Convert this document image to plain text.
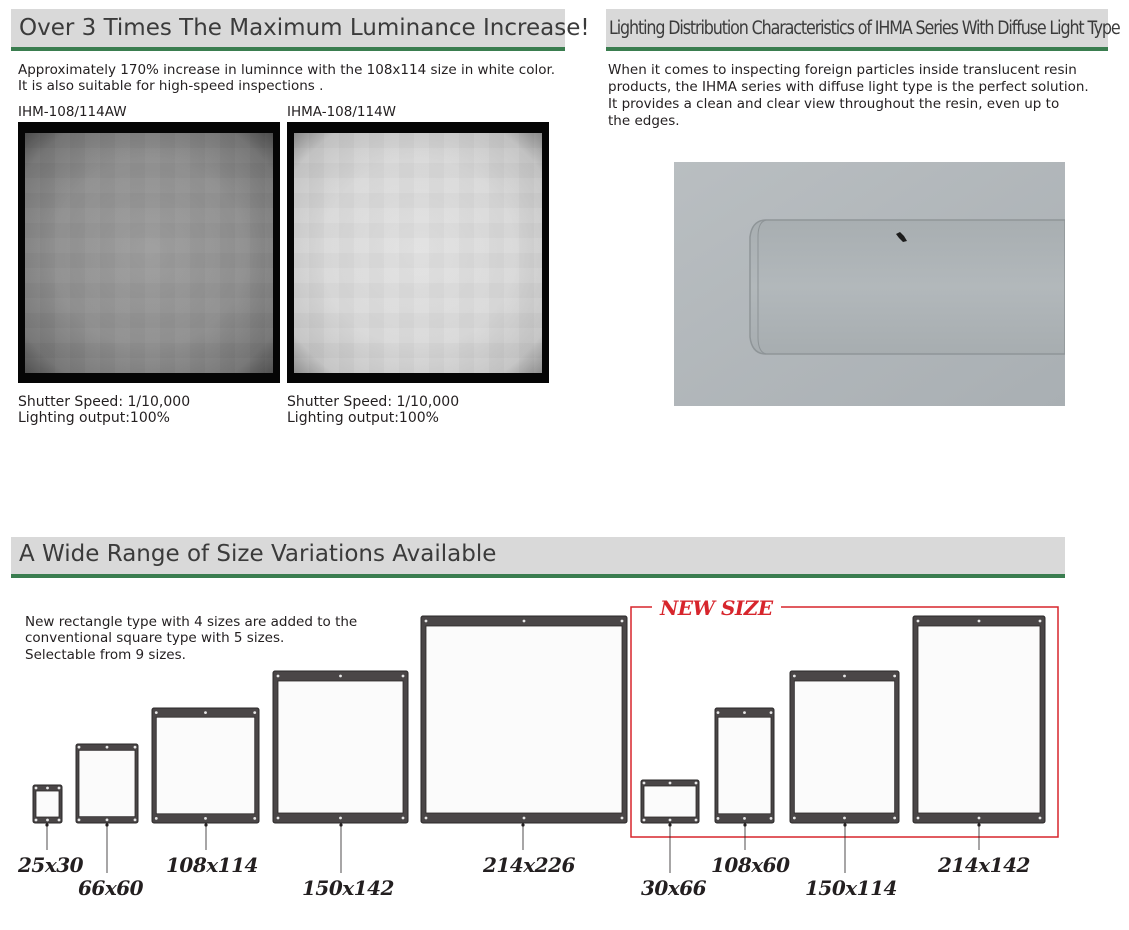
Over 3 Times The Maximum Luminance Increase!
Approximately 170% increase in luminnce with the 108x114 size in white color.
It is also suitable for high-speed inspections .
IHM-108/114AW	IHMA-108/114W
Shutter Speed: 1/10,000
Lighting output:100%
Shutter Speed: 1/10,000
Lighting output:100%
Lighting Distribution Characteristics of IHMA Series With Diffuse Light Type
When it comes to inspecting foreign particles inside translucent resin
products, the IHMA series with diffuse light type is the perfect solution.
It provides a clean and clear view throughout the resin, even up to
the edges.
A Wide Range of Size Variations Available
New rectangle type with 4 sizes are added to the
conventional square type with 5 sizes.
Selectable from 9 sizes.
NEW SIZE
25x30
66x60
108x114
150x142
214x226
30x66
108x60
150x114
214x142
